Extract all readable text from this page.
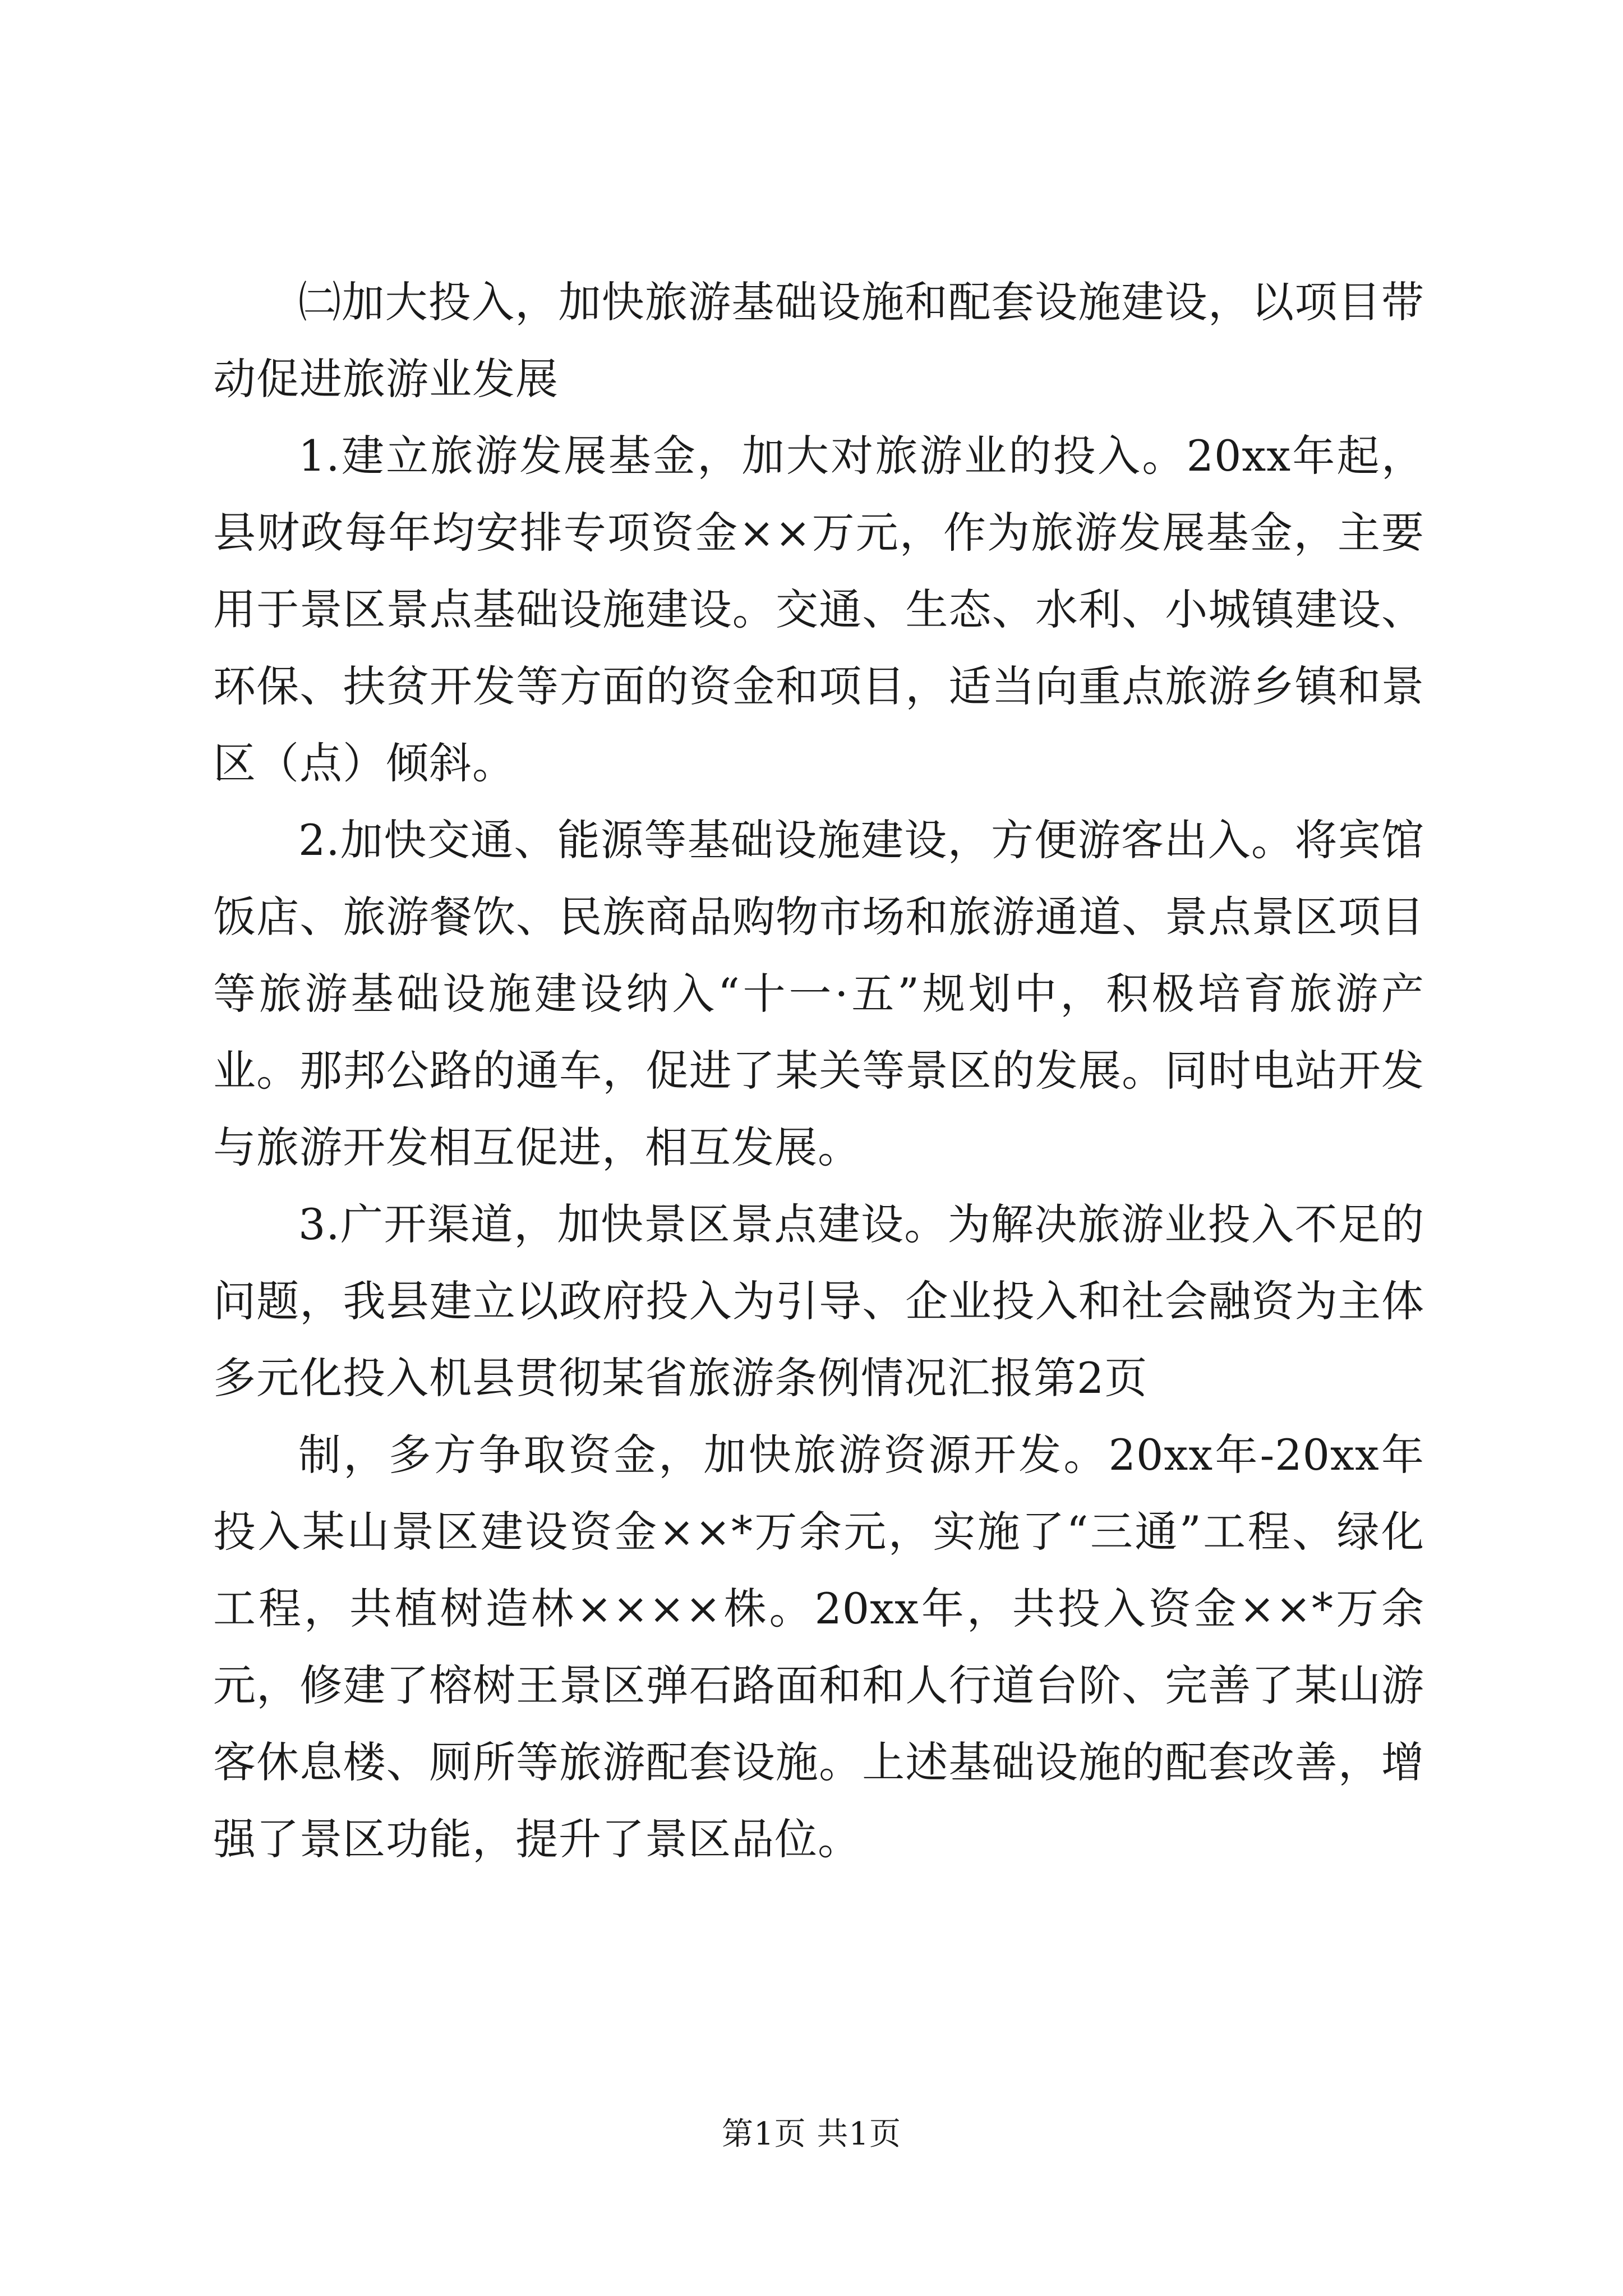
㈡加大投入，加快旅游基础设施和配套设施建设，以项目带动促进旅游业发展

1.建立旅游发展基金，加大对旅游业的投入。20xx年起，县财政每年均安排专项资金××万元，作为旅游发展基金，主要用于景区景点基础设施建设。交通、生态、水利、小城镇建设、环保、扶贫开发等方面的资金和项目，适当向重点旅游乡镇和景区（点）倾斜。

2.加快交通、能源等基础设施建设，方便游客出入。将宾馆饭店、旅游餐饮、民族商品购物市场和旅游通道、景点景区项目等旅游基础设施建设纳入“十一·五”规划中，积极培育旅游产业。那邦公路的通车，促进了某关等景区的发展。同时电站开发与旅游开发相互促进，相互发展。

3.广开渠道，加快景区景点建设。为解决旅游业投入不足的问题，我县建立以政府投入为引导、企业投入和社会融资为主体多元化投入机县贯彻某省旅游条例情况汇报第2页

制，多方争取资金，加快旅游资源开发。20xx年-20xx年投入某山景区建设资金××*万余元，实施了“三通”工程、绿化工程，共植树造林××××株。20xx年，共投入资金××*万余元，修建了榕树王景区弹石路面和和人行道台阶、完善了某山游客休息楼、厕所等旅游配套设施。上述基础设施的配套改善，增强了景区功能，提升了景区品位。

第1页 共1页
